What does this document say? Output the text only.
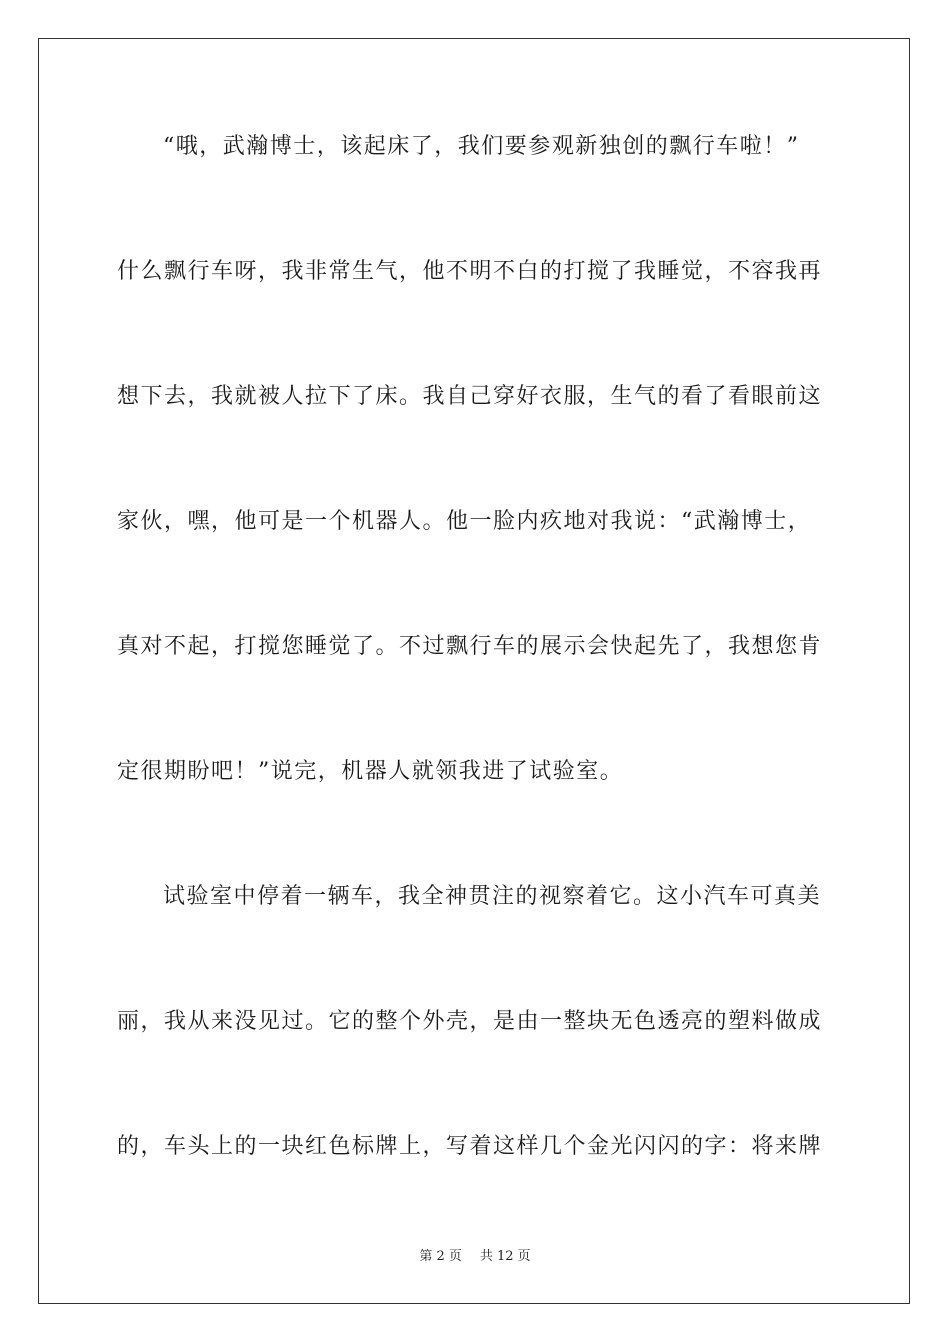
“哦，武瀚博士，该起床了，我们要参观新独创的飘行车啦！”
什么飘行车呀，我非常生气，他不明不白的打搅了我睡觉，不容我再
想下去，我就被人拉下了床。我自己穿好衣服，生气的看了看眼前这
家伙，嘿，他可是一个机器人。他一脸内疚地对我说：“武瀚博士，
真对不起，打搅您睡觉了。不过飘行车的展示会快起先了，我想您肯
定很期盼吧！”说完，机器人就领我进了试验室。
试验室中停着一辆车，我全神贯注的视察着它。这小汽车可真美
丽，我从来没见过。它的整个外壳，是由一整块无色透亮的塑料做成
的，车头上的一块红色标牌上，写着这样几个金光闪闪的字：将来牌
第 2 页 共 12 页
